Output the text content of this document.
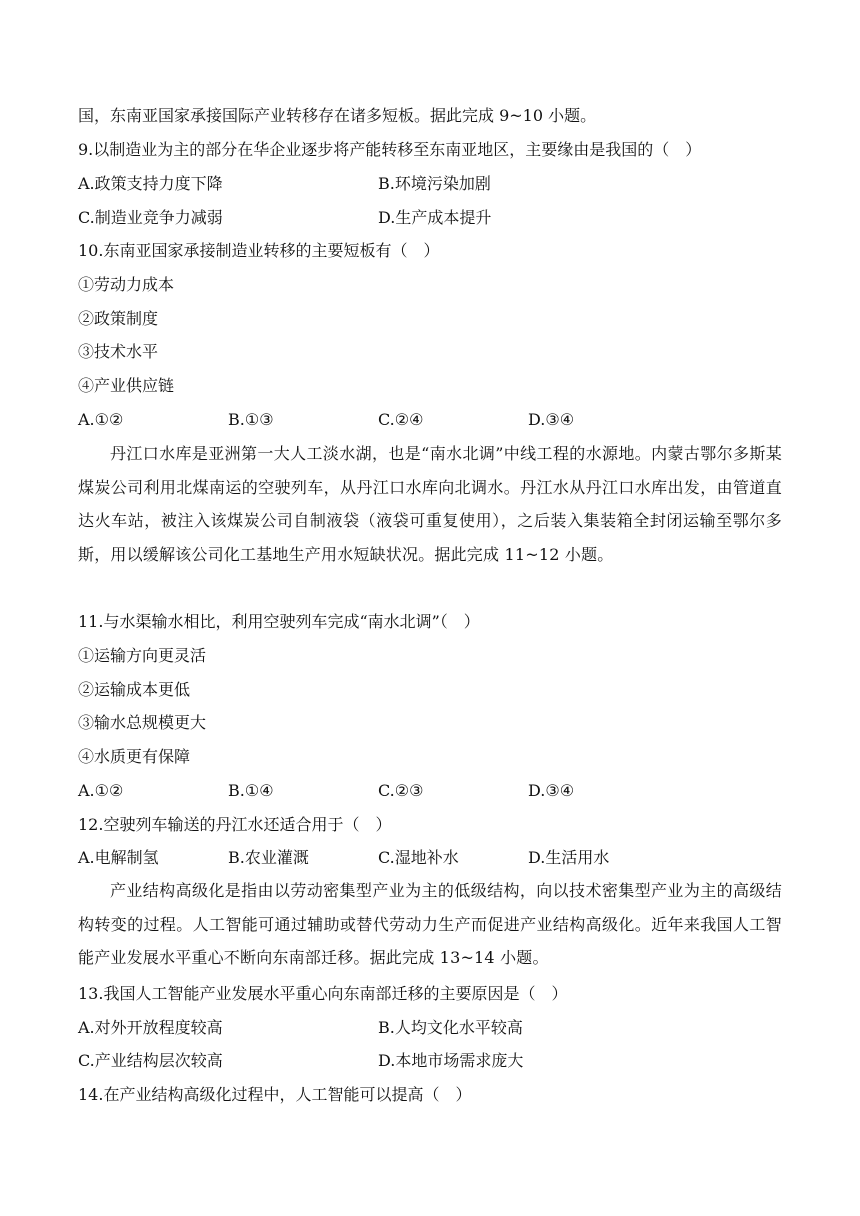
国，东南亚国家承接国际产业转移存在诸多短板。据此完成 9~10 小题。
9.以制造业为主的部分在华企业逐步将产能转移至东南亚地区，主要缘由是我国的（　）
A.政策支持力度下降	B.环境污染加剧
C.制造业竞争力减弱	D.生产成本提升
10.东南亚国家承接制造业转移的主要短板有（　）
①劳动力成本
②政策制度
③技术水平
④产业供应链
A.①②	B.①③	C.②④	D.③④
丹江口水库是亚洲第一大人工淡水湖，也是“南水北调”中线工程的水源地。内蒙古鄂尔多斯某煤炭公司利用北煤南运的空驶列车，从丹江口水库向北调水。丹江水从丹江口水库出发，由管道直达火车站，被注入该煤炭公司自制液袋（液袋可重复使用），之后装入集装箱全封闭运输至鄂尔多斯，用以缓解该公司化工基地生产用水短缺状况。据此完成 11~12 小题。
11.与水渠输水相比，利用空驶列车完成“南水北调”（　）
①运输方向更灵活
②运输成本更低
③输水总规模更大
④水质更有保障
A.①②	B.①④	C.②③	D.③④
12.空驶列车输送的丹江水还适合用于（　）
A.电解制氢	B.农业灌溉	C.湿地补水	D.生活用水
产业结构高级化是指由以劳动密集型产业为主的低级结构，向以技术密集型产业为主的高级结构转变的过程。人工智能可通过辅助或替代劳动力生产而促进产业结构高级化。近年来我国人工智能产业发展水平重心不断向东南部迁移。据此完成 13~14 小题。
13.我国人工智能产业发展水平重心向东南部迁移的主要原因是（　）
A.对外开放程度较高	B.人均文化水平较高
C.产业结构层次较高	D.本地市场需求庞大
14.在产业结构高级化过程中，人工智能可以提高（　）
